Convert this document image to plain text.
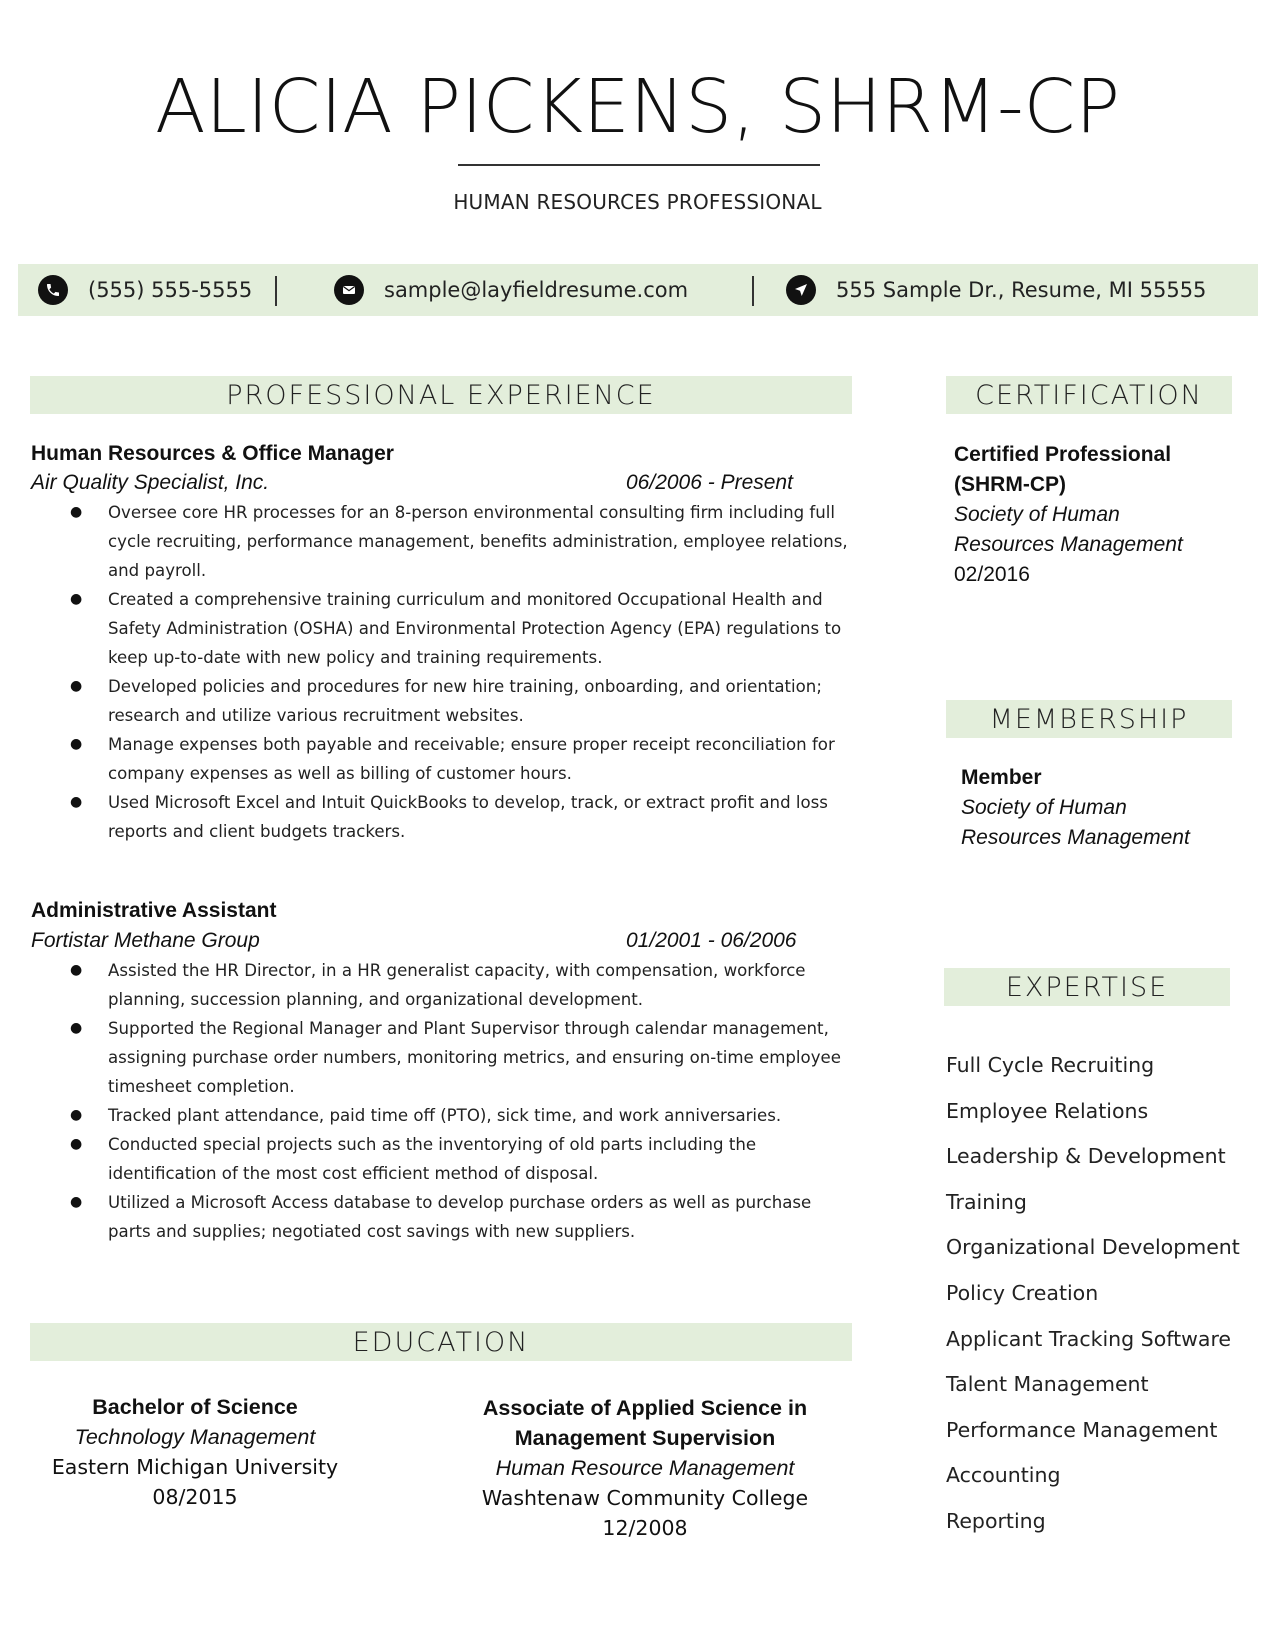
ALICIA PICKENS, SHRM-CP
HUMAN RESOURCES PROFESSIONAL
(555) 555-5555	sample@layfieldresume.com	555 Sample Dr., Resume, MI 55555
PROFESSIONAL EXPERIENCE
Human Resources & Office Manager
Air Quality Specialist, Inc.	06/2006 - Present
● Oversee core HR processes for an 8-person environmental consulting firm including full cycle recruiting, performance management, benefits administration, employee relations, and payroll.
● Created a comprehensive training curriculum and monitored Occupational Health and Safety Administration (OSHA) and Environmental Protection Agency (EPA) regulations to keep up-to-date with new policy and training requirements.
● Developed policies and procedures for new hire training, onboarding, and orientation; research and utilize various recruitment websites.
● Manage expenses both payable and receivable; ensure proper receipt reconciliation for company expenses as well as billing of customer hours.
● Used Microsoft Excel and Intuit QuickBooks to develop, track, or extract profit and loss reports and client budgets trackers.
Administrative Assistant
Fortistar Methane Group	01/2001 - 06/2006
● Assisted the HR Director, in a HR generalist capacity, with compensation, workforce planning, succession planning, and organizational development.
● Supported the Regional Manager and Plant Supervisor through calendar management, assigning purchase order numbers, monitoring metrics, and ensuring on-time employee timesheet completion.
● Tracked plant attendance, paid time off (PTO), sick time, and work anniversaries.
● Conducted special projects such as the inventorying of old parts including the identification of the most cost efficient method of disposal.
● Utilized a Microsoft Access database to develop purchase orders as well as purchase parts and supplies; negotiated cost savings with new suppliers.
EDUCATION
Bachelor of Science
Technology Management
Eastern Michigan University
08/2015
Associate of Applied Science in
Management Supervision
Human Resource Management
Washtenaw Community College
12/2008
CERTIFICATION
Certified Professional
(SHRM-CP)
Society of Human
Resources Management
02/2016
MEMBERSHIP
Member
Society of Human
Resources Management
EXPERTISE
Full Cycle Recruiting
Employee Relations
Leadership & Development
Training
Organizational Development
Policy Creation
Applicant Tracking Software
Talent Management
Performance Management
Accounting
Reporting
